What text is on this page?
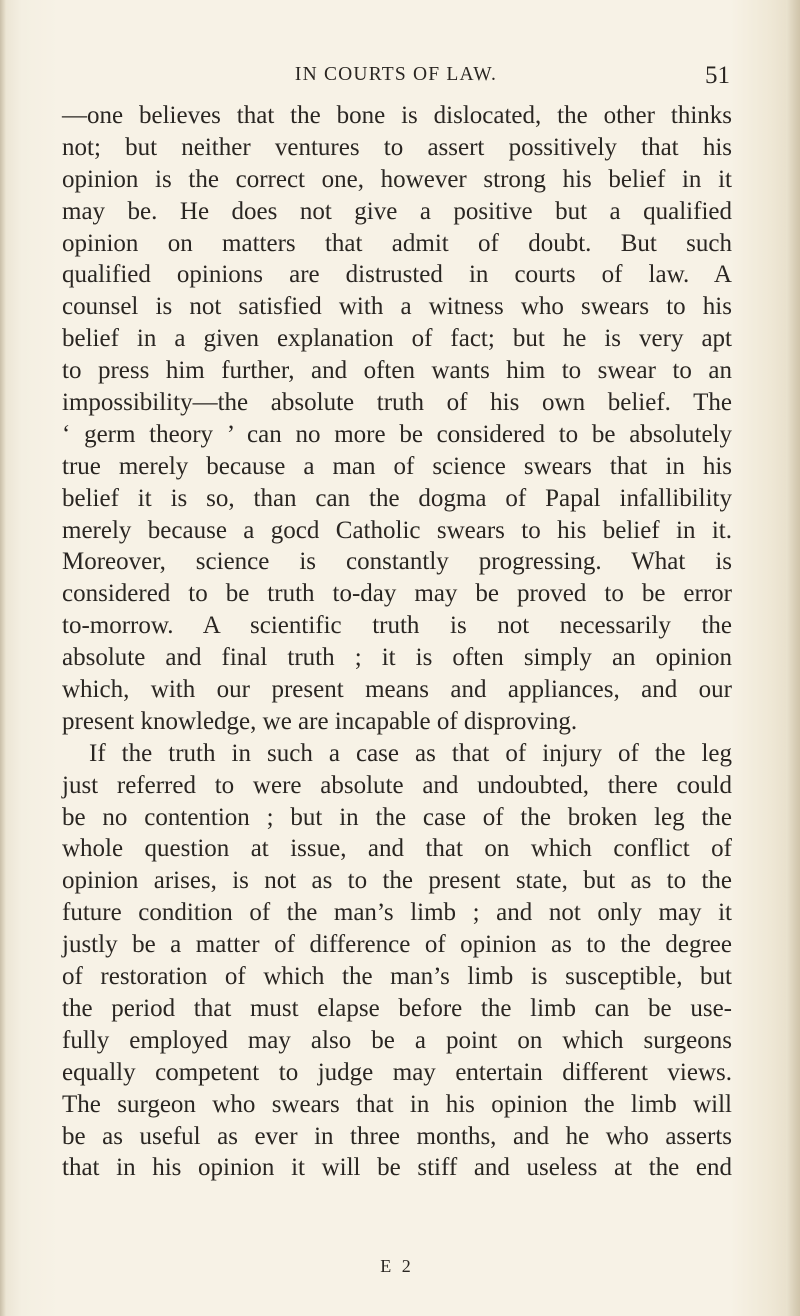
IN COURTS OF LAW.	51
—one believes that the bone is dislocated, the other thinks
not; but neither ventures to assert possitively that his
opinion is the correct one, however strong his belief in it
may be. He does not give a positive but a qualified
opinion on matters that admit of doubt. But such
qualified opinions are distrusted in courts of law. A
counsel is not satisfied with a witness who swears to his
belief in a given explanation of fact; but he is very apt
to press him further, and often wants him to swear to an
impossibility—the absolute truth of his own belief. The
‘ germ theory ’ can no more be considered to be absolutely
true merely because a man of science swears that in his
belief it is so, than can the dogma of Papal infallibility
merely because a gocd Catholic swears to his belief in it.
Moreover, science is constantly progressing. What is
considered to be truth to-day may be proved to be error
to-morrow. A scientific truth is not necessarily the
absolute and final truth ; it is often simply an opinion
which, with our present means and appliances, and our
present knowledge, we are incapable of disproving.
If the truth in such a case as that of injury of the leg
just referred to were absolute and undoubted, there could
be no contention ; but in the case of the broken leg the
whole question at issue, and that on which conflict of
opinion arises, is not as to the present state, but as to the
future condition of the man’s limb ; and not only may it
justly be a matter of difference of opinion as to the degree
of restoration of which the man’s limb is susceptible, but
the period that must elapse before the limb can be use-
fully employed may also be a point on which surgeons
equally competent to judge may entertain different views.
The surgeon who swears that in his opinion the limb will
be as useful as ever in three months, and he who asserts
that in his opinion it will be stiff and useless at the end
E 2
